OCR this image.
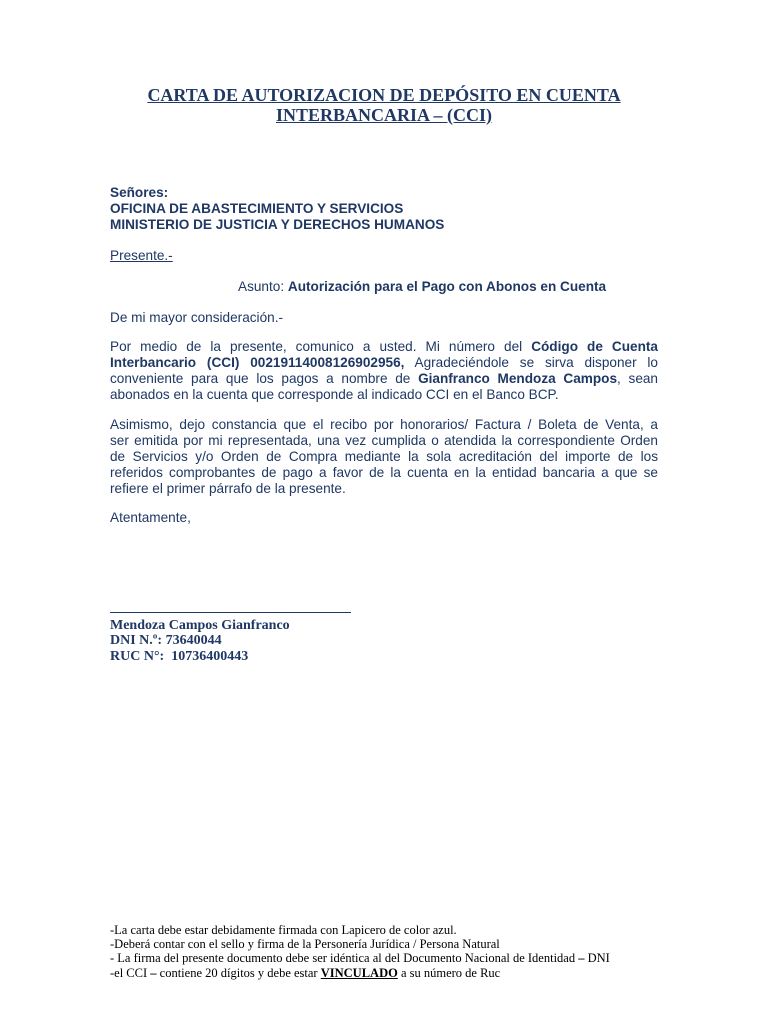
CARTA DE AUTORIZACION DE DEPÓSITO EN CUENTA
INTERBANCARIA – (CCI)
Señores:
OFICINA DE ABASTECIMIENTO Y SERVICIOS
MINISTERIO DE JUSTICIA Y DERECHOS HUMANOS
Presente.-
Asunto: Autorización para el Pago con Abonos en Cuenta
De mi mayor consideración.-
Por medio de la presente, comunico a usted. Mi número del Código de Cuenta
Interbancario (CCI) 00219114008126902956, Agradeciéndole se sirva disponer lo
conveniente para que los pagos a nombre de Gianfranco Mendoza Campos, sean
abonados en la cuenta que corresponde al indicado CCI en el Banco BCP.
Asimismo, dejo constancia que el recibo por honorarios/ Factura / Boleta de Venta, a
ser emitida por mi representada, una vez cumplida o atendida la correspondiente Orden
de Servicios y/o Orden de Compra mediante la sola acreditación del importe de los
referidos comprobantes de pago a favor de la cuenta en la entidad bancaria a que se
refiere el primer párrafo de la presente.
Atentamente,
Mendoza Campos Gianfranco
DNI N.º: 73640044
RUC N°:  10736400443
-La carta debe estar debidamente firmada con Lapicero de color azul.
-Deberá contar con el sello y firma de la Personería Jurídica / Persona Natural
- La firma del presente documento debe ser idéntica al del Documento Nacional de Identidad – DNI
-el CCI – contiene 20 dígitos y debe estar VINCULADO a su número de Ruc
